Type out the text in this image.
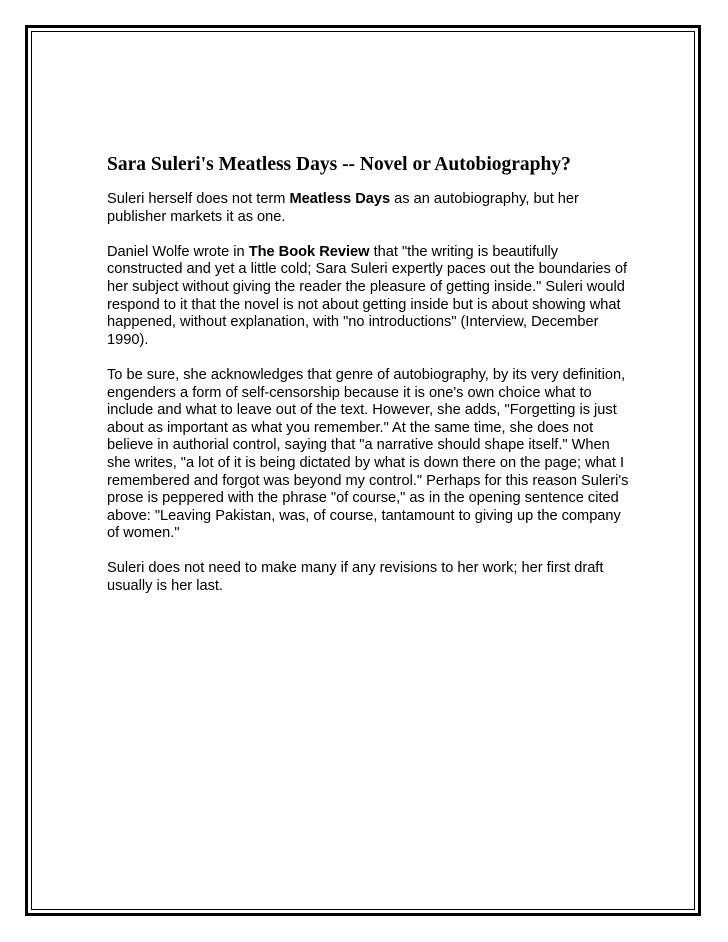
Sara Suleri's Meatless Days -- Novel or Autobiography?

Suleri herself does not term Meatless Days as an autobiography, but her publisher markets it as one.

Daniel Wolfe wrote in The Book Review that "the writing is beautifully constructed and yet a little cold; Sara Suleri expertly paces out the boundaries of her subject without giving the reader the pleasure of getting inside." Suleri would respond to it that the novel is not about getting inside but is about showing what happened, without explanation, with "no introductions" (Interview, December 1990).

To be sure, she acknowledges that genre of autobiography, by its very definition, engenders a form of self-censorship because it is one's own choice what to include and what to leave out of the text. However, she adds, "Forgetting is just about as important as what you remember." At the same time, she does not believe in authorial control, saying that "a narrative should shape itself." When she writes, "a lot of it is being dictated by what is down there on the page; what I remembered and forgot was beyond my control." Perhaps for this reason Suleri's prose is peppered with the phrase "of course," as in the opening sentence cited above: "Leaving Pakistan, was, of course, tantamount to giving up the company of women."

Suleri does not need to make many if any revisions to her work; her first draft usually is her last.
